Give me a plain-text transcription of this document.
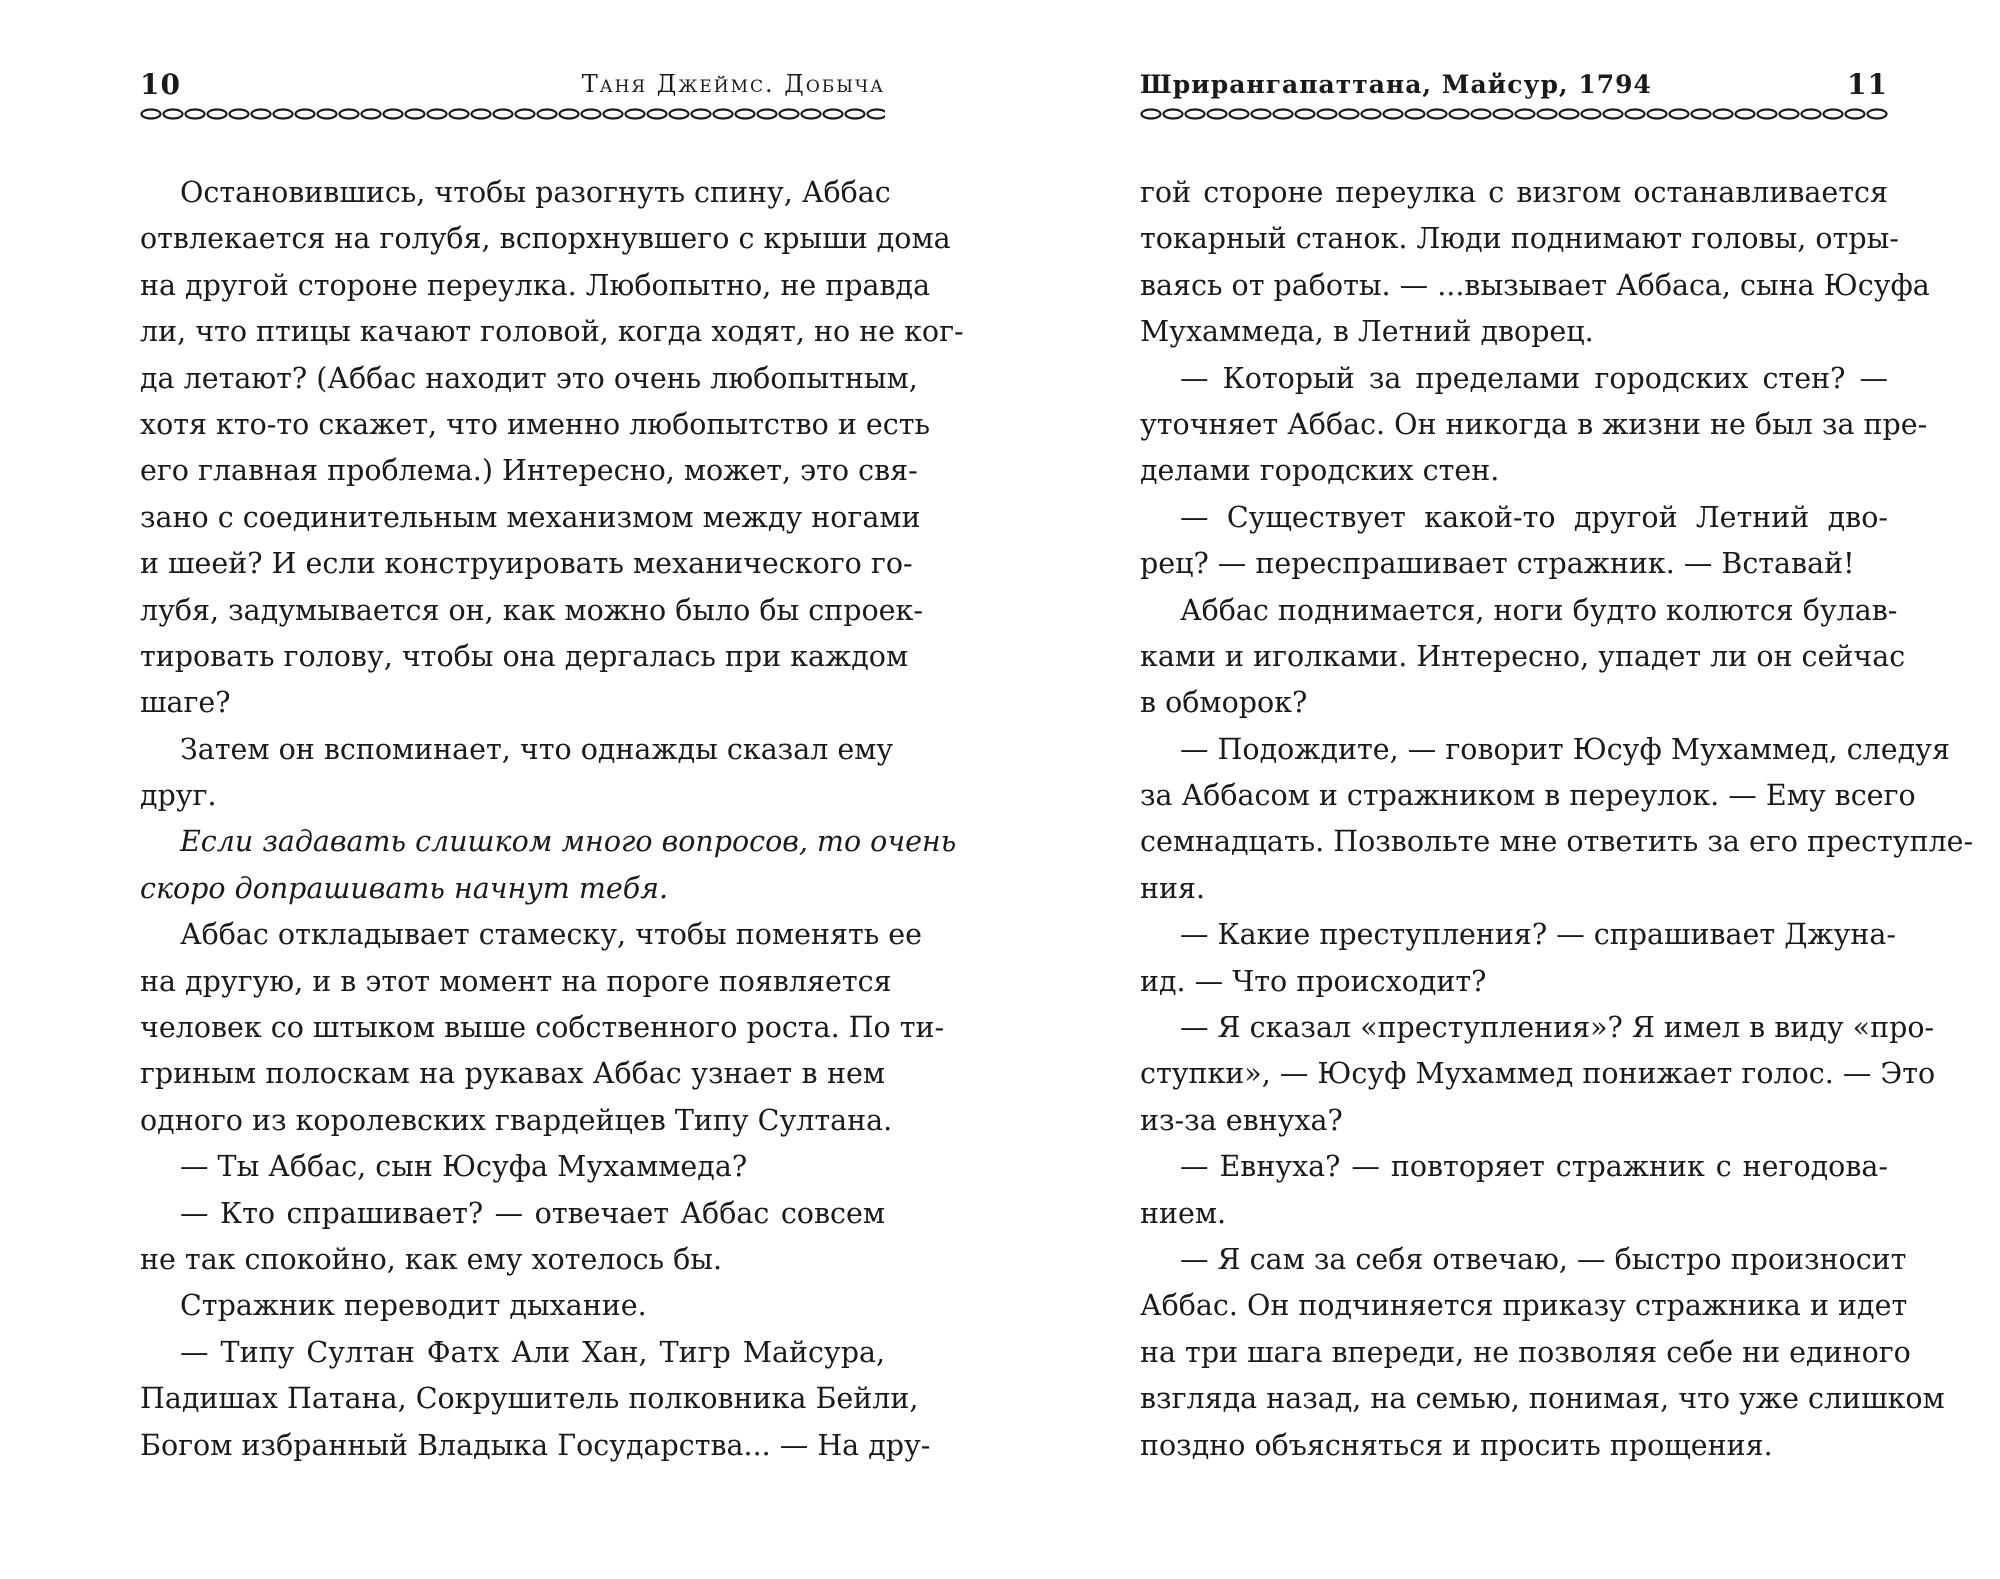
10	Таня Джеймс. Добыча
Остановившись, чтобы разогнуть спину, Аббас
отвлекается на голубя, вспорхнувшего с крыши дома
на другой стороне переулка. Любопытно, не правда
ли, что птицы качают головой, когда ходят, но не ког-
да летают? (Аббас находит это очень любопытным,
хотя кто-то скажет, что именно любопытство и есть
его главная проблема.) Интересно, может, это свя-
зано с соединительным механизмом между ногами
и шеей? И если конструировать механического го-
лубя, задумывается он, как можно было бы спроек-
тировать голову, чтобы она дергалась при каждом
шаге?
Затем он вспоминает, что однажды сказал ему
друг.
Если задавать слишком много вопросов, то очень
скоро допрашивать начнут тебя.
Аббас откладывает стамеску, чтобы поменять ее
на другую, и в этот момент на пороге появляется
человек со штыком выше собственного роста. По ти-
гриным полоскам на рукавах Аббас узнает в нем
одного из королевских гвардейцев Типу Султана.
— Ты Аббас, сын Юсуфа Мухаммеда?
— Кто спрашивает? — отвечает Аббас совсем
не так спокойно, как ему хотелось бы.
Стражник переводит дыхание.
— Типу Султан Фатх Али Хан, Тигр Майсура,
Падишах Патана, Сокрушитель полковника Бейли,
Богом избранный Владыка Государства... — На дру-
Шрирангапаттана, Майсур, 1794	11
гой стороне переулка с визгом останавливается
токарный станок. Люди поднимают головы, отры-
ваясь от работы. — ...вызывает Аббаса, сына Юсуфа
Мухаммеда, в Летний дворец.
— Который за пределами городских стен? —
уточняет Аббас. Он никогда в жизни не был за пре-
делами городских стен.
— Существует какой-то другой Летний дво-
рец? — переспрашивает стражник. — Вставай!
Аббас поднимается, ноги будто колются булав-
ками и иголками. Интересно, упадет ли он сейчас
в обморок?
— Подождите, — говорит Юсуф Мухаммед, следуя
за Аббасом и стражником в переулок. — Ему всего
семнадцать. Позвольте мне ответить за его преступле-
ния.
— Какие преступления? — спрашивает Джуна-
ид. — Что происходит?
— Я сказал «преступления»? Я имел в виду «про-
ступки», — Юсуф Мухаммед понижает голос. — Это
из-за евнуха?
— Евнуха? — повторяет стражник с негодова-
нием.
— Я сам за себя отвечаю, — быстро произносит
Аббас. Он подчиняется приказу стражника и идет
на три шага впереди, не позволяя себе ни единого
взгляда назад, на семью, понимая, что уже слишком
поздно объясняться и просить прощения.
